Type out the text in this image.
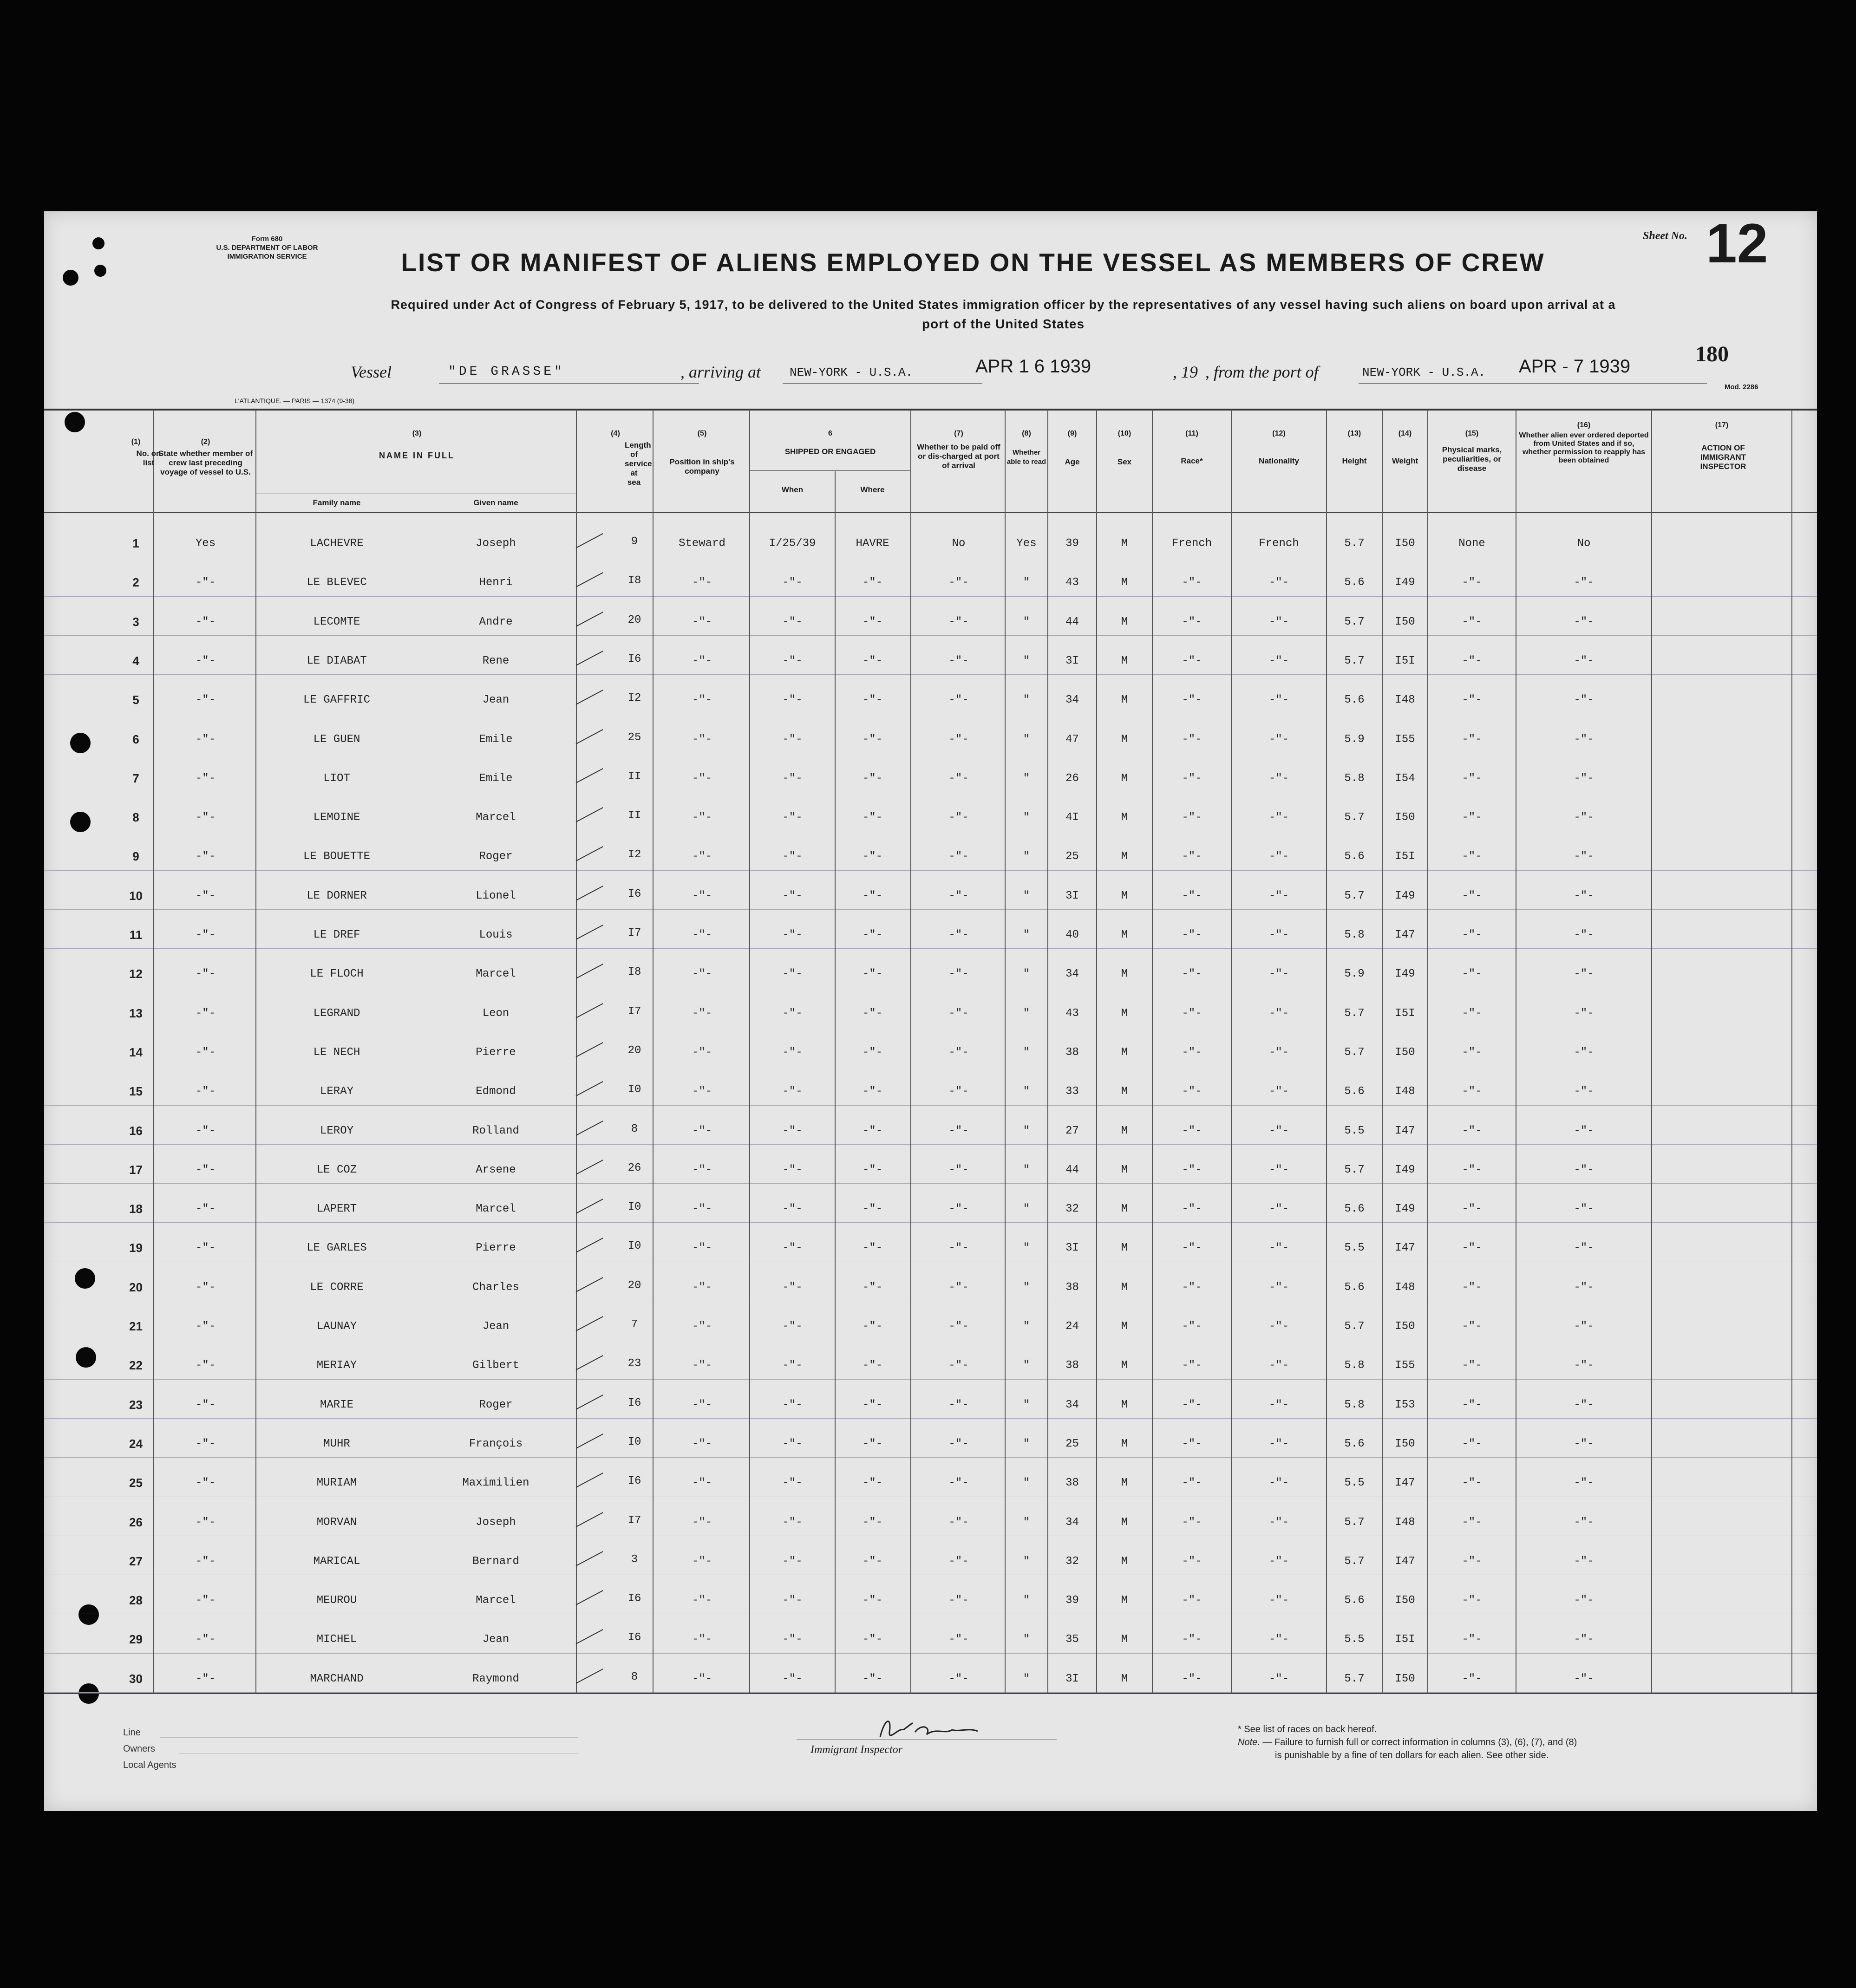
Form 680
U.S. DEPARTMENT OF LABOR
IMMIGRATION SERVICE
Sheet No. 12
LIST OR MANIFEST OF ALIENS EMPLOYED ON THE VESSEL AS MEMBERS OF CREW
Required under Act of Congress of February 5, 1917, to be delivered to the United States immigration officer by the representatives of any vessel having such aliens on board upon arrival at a
port of the United States
Vessel	"DE GRASSE"	, arriving at NEW-YORK - U.S.A.	APR 1 6 1939	, 19 , from the port of	NEW-YORK - U.S.A. APR - 7 1939	180
L'ATLANTIQUE. — PARIS — 1374 (9-38)
Mod. 2286
(1)
No. on list
(2)
State whether member of crew last preceding voyage of vessel to U.S.
(3)
NAME IN FULL
Family name	Given name
(4)
Length of service at sea
(5)
Position in ship's company
6
SHIPPED OR ENGAGED
When	Where
(7)
Whether to be paid off or dis-charged at port of arrival
(8)
Whether able to read
(9)
Age
(10)
Sex
(11)
Race*
(12)
Nationality
(13)
Height
(14)
Weight
(15)
Physical marks, peculiarities, or disease
(16)
Whether alien ever ordered deported from United States and if so, whether permission to reapply has been obtained
(17)
ACTION OF IMMIGRANT INSPECTOR
1	Yes	LACHEVRE	Joseph	9	Steward	I/25/39	HAVRE	No	Yes	39	M	French	French	5.7	I50	None	No
2	-"-	LE BLEVEC	Henri	I8	-"-	-"-	-"-	-"-	"	43	M	-"-	-"-	5.6	I49	-"-	-"-
3	-"-	LECOMTE	Andre	20	-"-	-"-	-"-	-"-	"	44	M	-"-	-"-	5.7	I50	-"-	-"-
4	-"-	LE DIABAT	Rene	I6	-"-	-"-	-"-	-"-	"	3I	M	-"-	-"-	5.7	I5I	-"-	-"-
5	-"-	LE GAFFRIC	Jean	I2	-"-	-"-	-"-	-"-	"	34	M	-"-	-"-	5.6	I48	-"-	-"-
6	-"-	LE GUEN	Emile	25	-"-	-"-	-"-	-"-	"	47	M	-"-	-"-	5.9	I55	-"-	-"-
7	-"-	LIOT	Emile	II	-"-	-"-	-"-	-"-	"	26	M	-"-	-"-	5.8	I54	-"-	-"-
8	-"-	LEMOINE	Marcel	II	-"-	-"-	-"-	-"-	"	4I	M	-"-	-"-	5.7	I50	-"-	-"-
9	-"-	LE BOUETTE	Roger	I2	-"-	-"-	-"-	-"-	"	25	M	-"-	-"-	5.6	I5I	-"-	-"-
10	-"-	LE DORNER	Lionel	I6	-"-	-"-	-"-	-"-	"	3I	M	-"-	-"-	5.7	I49	-"-	-"-
11	-"-	LE DREF	Louis	I7	-"-	-"-	-"-	-"-	"	40	M	-"-	-"-	5.8	I47	-"-	-"-
12	-"-	LE FLOCH	Marcel	I8	-"-	-"-	-"-	-"-	"	34	M	-"-	-"-	5.9	I49	-"-	-"-
13	-"-	LEGRAND	Leon	I7	-"-	-"-	-"-	-"-	"	43	M	-"-	-"-	5.7	I5I	-"-	-"-
14	-"-	LE NECH	Pierre	20	-"-	-"-	-"-	-"-	"	38	M	-"-	-"-	5.7	I50	-"-	-"-
15	-"-	LERAY	Edmond	I0	-"-	-"-	-"-	-"-	"	33	M	-"-	-"-	5.6	I48	-"-	-"-
16	-"-	LEROY	Rolland	8	-"-	-"-	-"-	-"-	"	27	M	-"-	-"-	5.5	I47	-"-	-"-
17	-"-	LE COZ	Arsene	26	-"-	-"-	-"-	-"-	"	44	M	-"-	-"-	5.7	I49	-"-	-"-
18	-"-	LAPERT	Marcel	I0	-"-	-"-	-"-	-"-	"	32	M	-"-	-"-	5.6	I49	-"-	-"-
19	-"-	LE GARLES	Pierre	I0	-"-	-"-	-"-	-"-	"	3I	M	-"-	-"-	5.5	I47	-"-	-"-
20	-"-	LE CORRE	Charles	20	-"-	-"-	-"-	-"-	"	38	M	-"-	-"-	5.6	I48	-"-	-"-
21	-"-	LAUNAY	Jean	7	-"-	-"-	-"-	-"-	"	24	M	-"-	-"-	5.7	I50	-"-	-"-
22	-"-	MERIAY	Gilbert	23	-"-	-"-	-"-	-"-	"	38	M	-"-	-"-	5.8	I55	-"-	-"-
23	-"-	MARIE	Roger	I6	-"-	-"-	-"-	-"-	"	34	M	-"-	-"-	5.8	I53	-"-	-"-
24	-"-	MUHR	François	I0	-"-	-"-	-"-	-"-	"	25	M	-"-	-"-	5.6	I50	-"-	-"-
25	-"-	MURIAM	Maximilien	I6	-"-	-"-	-"-	-"-	"	38	M	-"-	-"-	5.5	I47	-"-	-"-
26	-"-	MORVAN	Joseph	I7	-"-	-"-	-"-	-"-	"	34	M	-"-	-"-	5.7	I48	-"-	-"-
27	-"-	MARICAL	Bernard	3	-"-	-"-	-"-	-"-	"	32	M	-"-	-"-	5.7	I47	-"-	-"-
28	-"-	MEUROU	Marcel	I6	-"-	-"-	-"-	-"-	"	39	M	-"-	-"-	5.6	I50	-"-	-"-
29	-"-	MICHEL	Jean	I6	-"-	-"-	-"-	-"-	"	35	M	-"-	-"-	5.5	I5I	-"-	-"-
30	-"-	MARCHAND	Raymond	8	-"-	-"-	-"-	-"-	"	3I	M	-"-	-"-	5.7	I50	-"-	-"-
Line
Owners
Local Agents
Immigrant Inspector
* See list of races on back hereof.
Note. — Failure to furnish full or correct information in columns (3), (6), (7), and (8)
is punishable by a fine of ten dollars for each alien. See other side.
